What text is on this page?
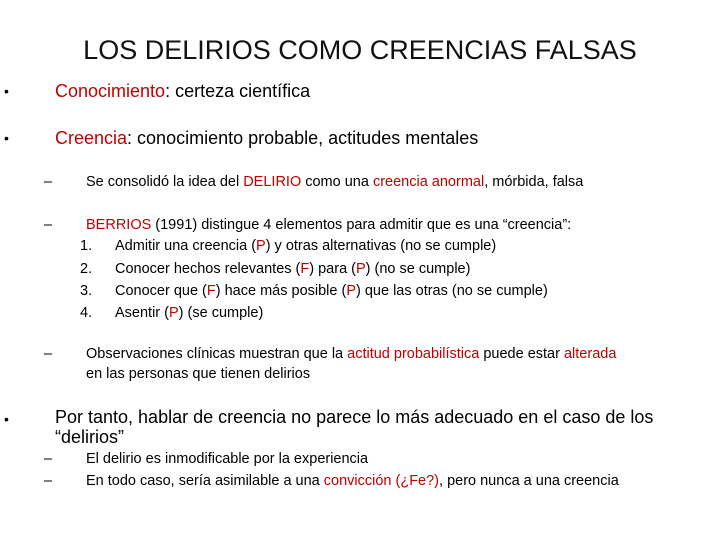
LOS DELIRIOS COMO CREENCIAS FALSAS
•	Conocimiento: certeza científica
•	Creencia: conocimiento probable, actitudes mentales
– Se consolidó la idea del DELIRIO como una creencia anormal, mórbida, falsa
– BERRIOS (1991) distingue 4 elementos para admitir que es una “creencia”:
1. Admitir una creencia (P) y otras alternativas (no se cumple)
2. Conocer hechos relevantes (F) para (P) (no se cumple)
3. Conocer que (F) hace más posible (P) que las otras (no se cumple)
4. Asentir (P) (se cumple)
– Observaciones clínicas muestran que la actitud probabilística puede estar alterada
en las personas que tienen delirios
•	Por tanto, hablar de creencia no parece lo más adecuado en el caso de los
“delirios”
– El delirio es inmodificable por la experiencia
– En todo caso, sería asimilable a una convicción (¿Fe?), pero nunca a una creencia
